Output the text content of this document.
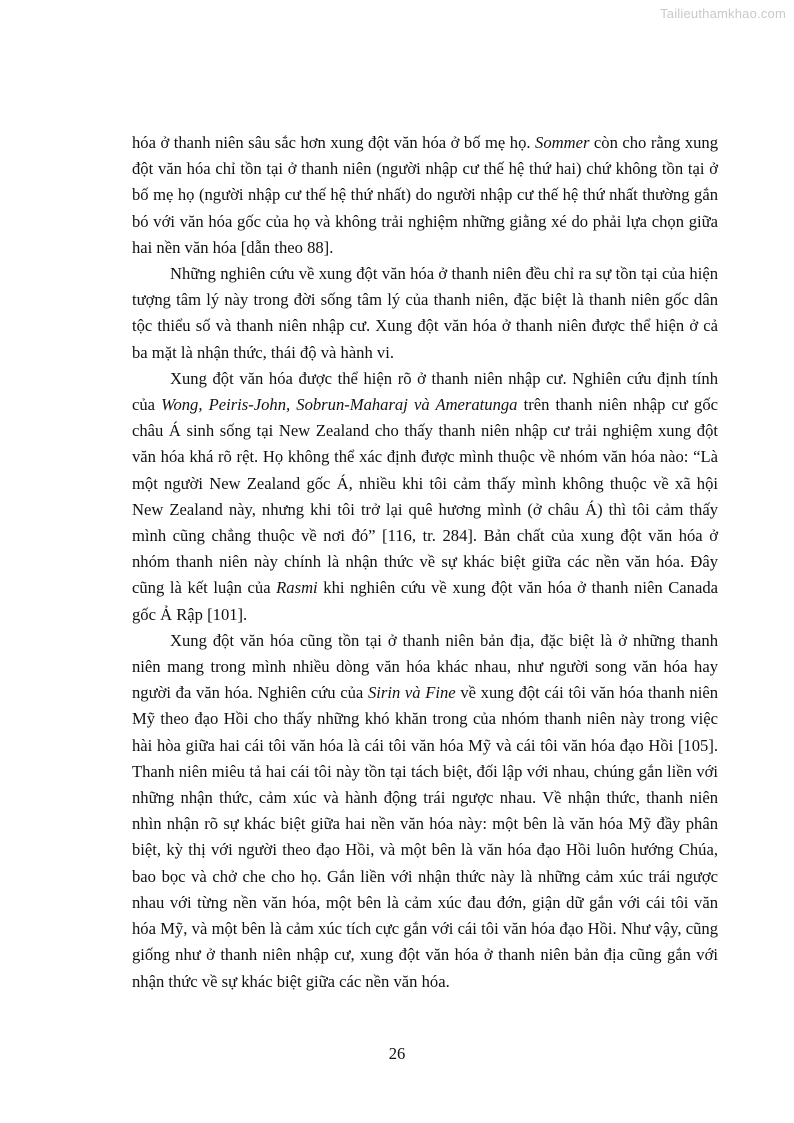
Tailieuthamkhao.com

hóa ở thanh niên sâu sắc hơn xung đột văn hóa ở bố mẹ họ. Sommer còn cho rằng xung đột văn hóa chỉ tồn tại ở thanh niên (người nhập cư thế hệ thứ hai) chứ không tồn tại ở bố mẹ họ (người nhập cư thế hệ thứ nhất) do người nhập cư thế hệ thứ nhất thường gắn bó với văn hóa gốc của họ và không trải nghiệm những giằng xé do phải lựa chọn giữa hai nền văn hóa [dẫn theo 88].

Những nghiên cứu về xung đột văn hóa ở thanh niên đều chỉ ra sự tồn tại của hiện tượng tâm lý này trong đời sống tâm lý của thanh niên, đặc biệt là thanh niên gốc dân tộc thiểu số và thanh niên nhập cư. Xung đột văn hóa ở thanh niên được thể hiện ở cả ba mặt là nhận thức, thái độ và hành vi.

Xung đột văn hóa được thể hiện rõ ở thanh niên nhập cư. Nghiên cứu định tính của Wong, Peiris-John, Sobrun-Maharaj và Ameratunga trên thanh niên nhập cư gốc châu Á sinh sống tại New Zealand cho thấy thanh niên nhập cư trải nghiệm xung đột văn hóa khá rõ rệt. Họ không thể xác định được mình thuộc về nhóm văn hóa nào: “Là một người New Zealand gốc Á, nhiều khi tôi cảm thấy mình không thuộc về xã hội New Zealand này, nhưng khi tôi trở lại quê hương mình (ở châu Á) thì tôi cảm thấy mình cũng chẳng thuộc về nơi đó” [116, tr. 284]. Bản chất của xung đột văn hóa ở nhóm thanh niên này chính là nhận thức về sự khác biệt giữa các nền văn hóa. Đây cũng là kết luận của Rasmi khi nghiên cứu về xung đột văn hóa ở thanh niên Canada gốc Ả Rập [101].

Xung đột văn hóa cũng tồn tại ở thanh niên bản địa, đặc biệt là ở những thanh niên mang trong mình nhiều dòng văn hóa khác nhau, như người song văn hóa hay người đa văn hóa. Nghiên cứu của Sirin và Fine về xung đột cái tôi văn hóa thanh niên Mỹ theo đạo Hồi cho thấy những khó khăn trong của nhóm thanh niên này trong việc hài hòa giữa hai cái tôi văn hóa là cái tôi văn hóa Mỹ và cái tôi văn hóa đạo Hồi [105]. Thanh niên miêu tả hai cái tôi này tồn tại tách biệt, đối lập với nhau, chúng gắn liền với những nhận thức, cảm xúc và hành động trái ngược nhau. Về nhận thức, thanh niên nhìn nhận rõ sự khác biệt giữa hai nền văn hóa này: một bên là văn hóa Mỹ đầy phân biệt, kỳ thị với người theo đạo Hồi, và một bên là văn hóa đạo Hồi luôn hướng Chúa, bao bọc và chở che cho họ. Gắn liền với nhận thức này là những cảm xúc trái ngược nhau với từng nền văn hóa, một bên là cảm xúc đau đớn, giận dữ gắn với cái tôi văn hóa Mỹ, và một bên là cảm xúc tích cực gắn với cái tôi văn hóa đạo Hồi. Như vậy, cũng giống như ở thanh niên nhập cư, xung đột văn hóa ở thanh niên bản địa cũng gắn với nhận thức về sự khác biệt giữa các nền văn hóa.

26
